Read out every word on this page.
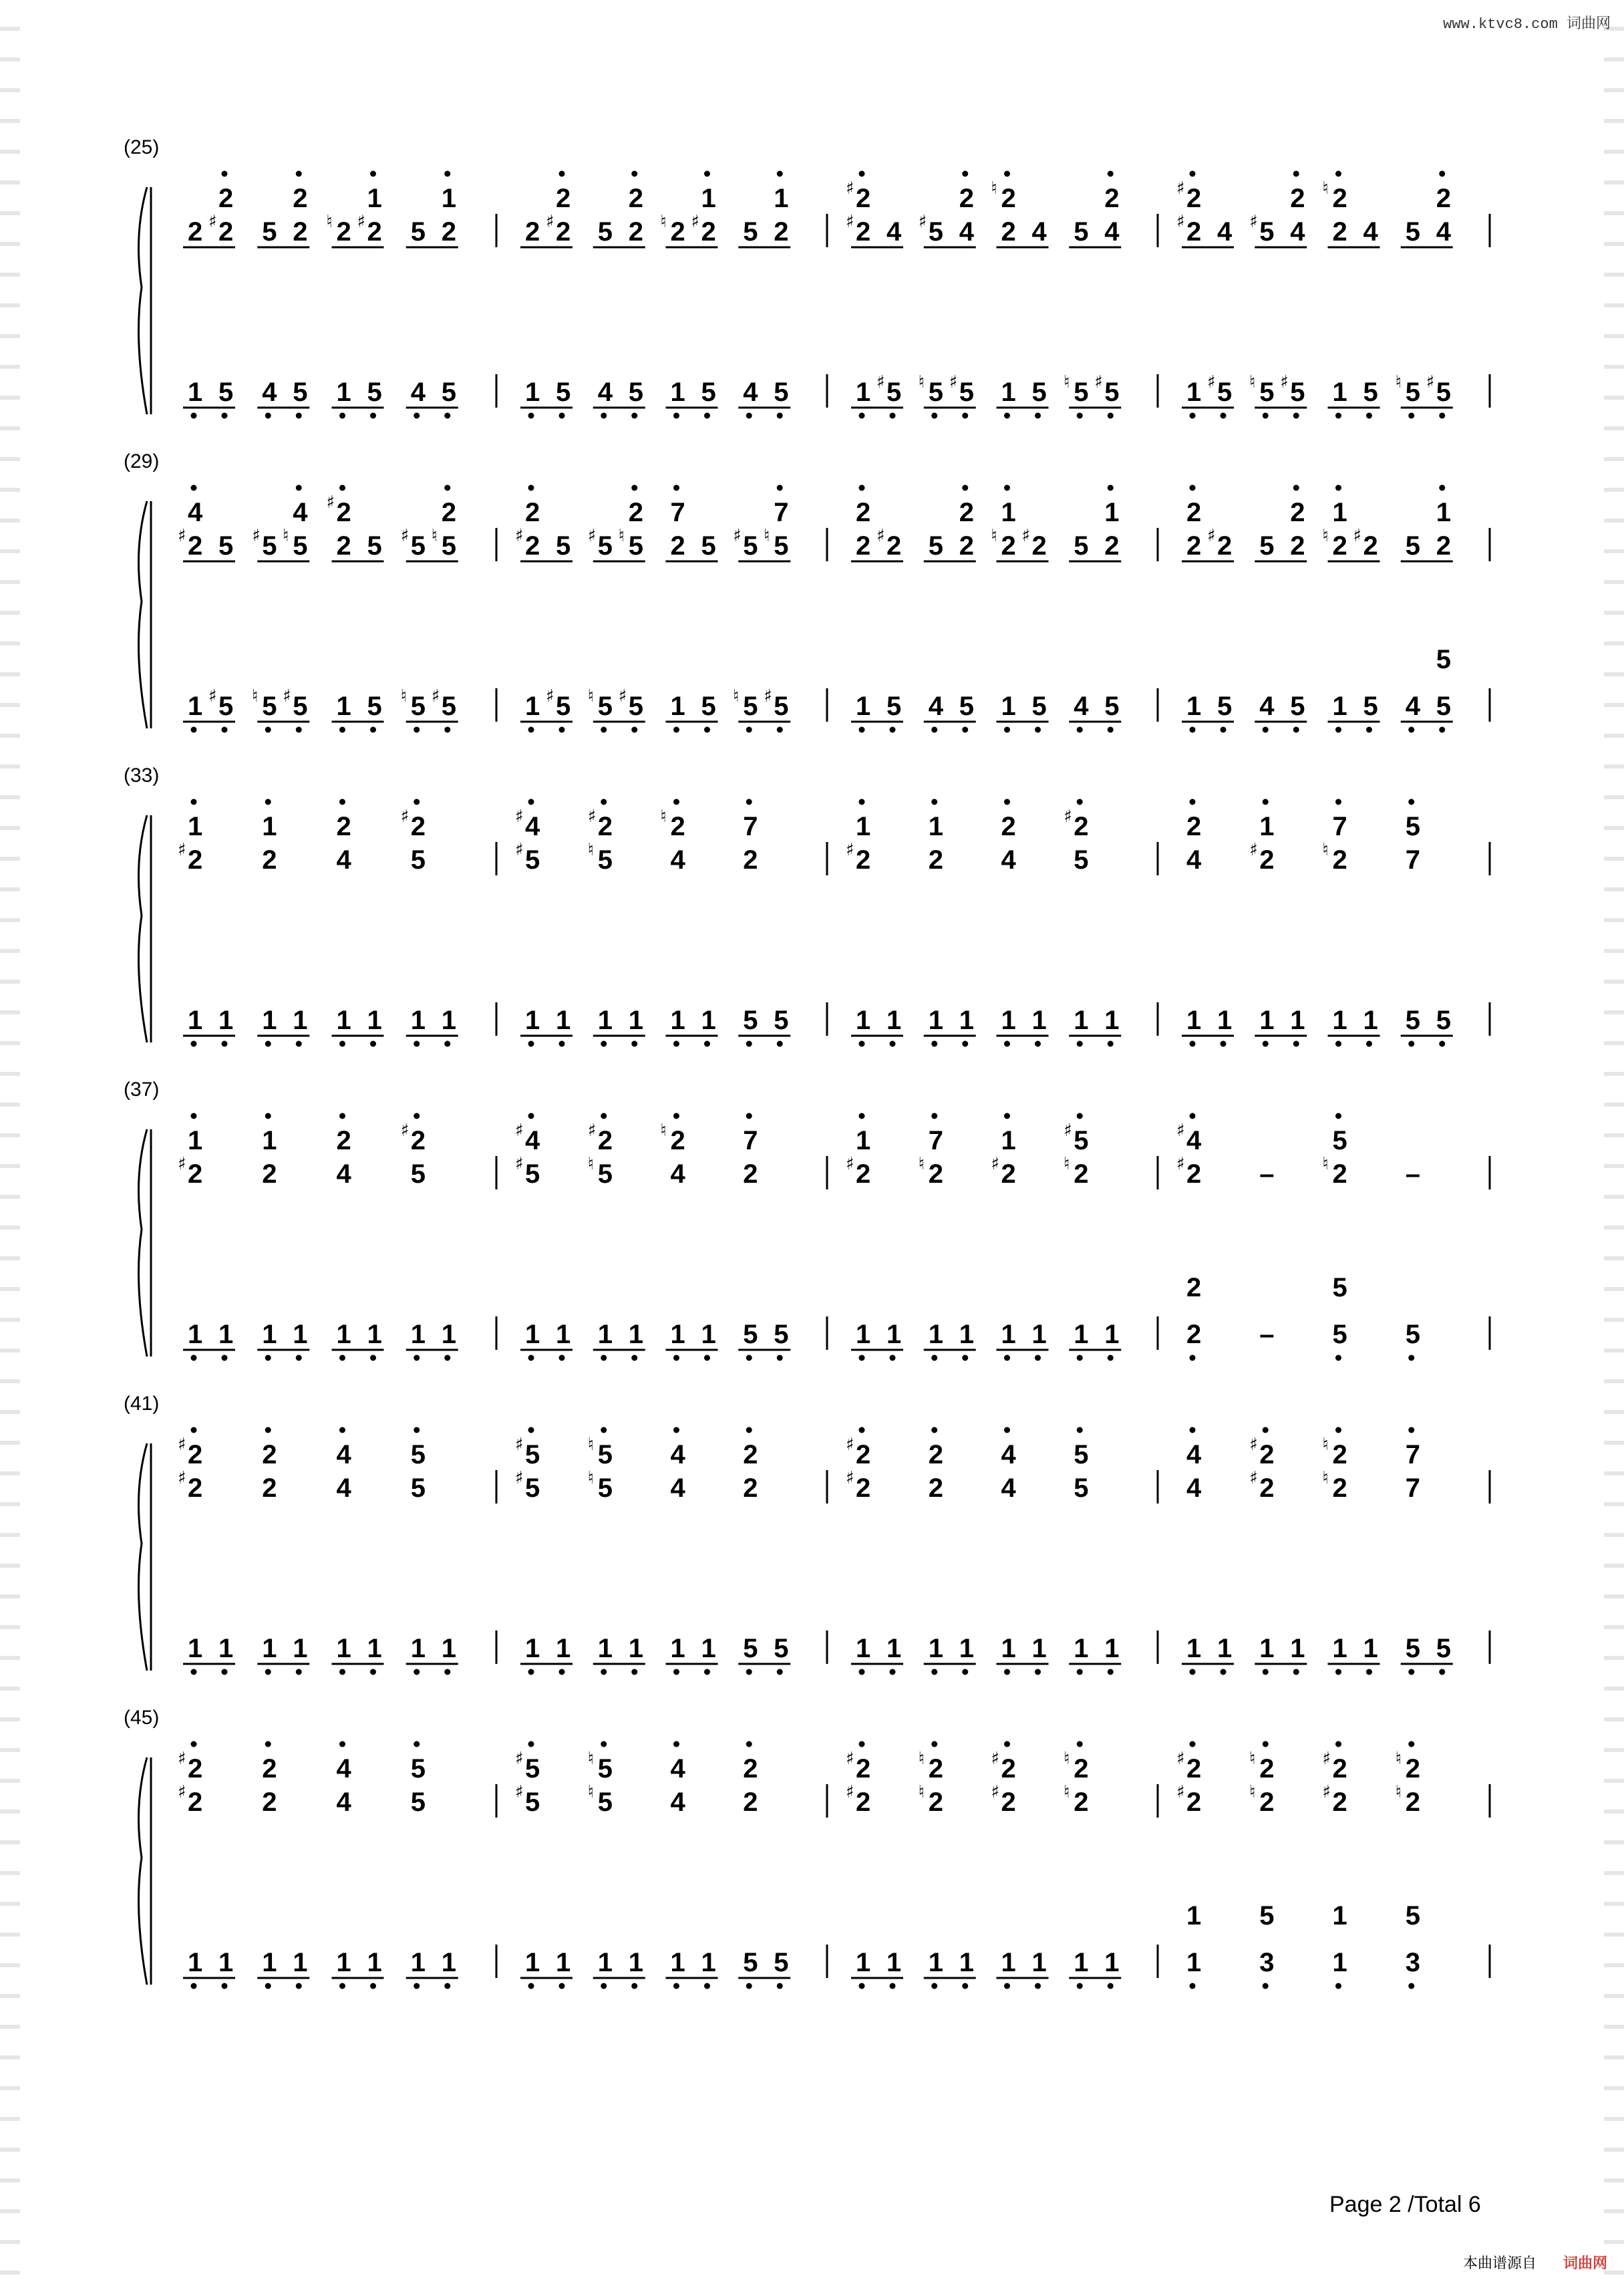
www.ktvc8.com 词曲网
(25)
2 ♯ 2
2
5 2
2
♮ 2 ♯ 2
1
5 2
1
1 5 4 5 1 5 4 5
2 ♯ 2
2
5 2
2
♮ 2 ♯ 2
1
5 2
1
1 5 4 5 1 5 4 5
♯ 2 4
♯ 2
♯ 5 4
2
2 4
♮ 2
5 4
2
1 ♯ 5 ♮ 5 ♯ 5 1 5 ♮ 5 ♯ 5
♯ 2 4
♯ 2
♯ 5 4
2
2 4
♮ 2
5 4
2
1 ♯ 5 ♮ 5 ♯ 5 1 5 ♮ 5 ♯ 5
(29)
♯ 2 5
4
♯ 5 ♮ 5
4
2 5
♯ 2
♯ 5 ♮ 5
2
1 ♯ 5 ♮ 5 ♯ 5 1 5 ♮ 5 ♯ 5
♯ 2 5
2
♯ 5 ♮ 5
2
2 5
7
♯ 5 ♮ 5
7
1 ♯ 5 ♮ 5 ♯ 5 1 5 ♮ 5 ♯ 5
2 ♯ 2
2
5 2
2
♮ 2 ♯ 2
1
5 2
1
1 5 4 5 1 5 4 5
2 ♯ 2
2
5 2
2
♮ 2 ♯ 2
1
5 2
1
1 5 4 5 1 5 4 5
5
(33)
♯ 2
1
2
1
4
2
5
♯ 2
1 1 1 1 1 1 1 1
♯ 5
♯ 4
♮ 5
♯ 2
4
♮ 2
2
7
1 1 1 1 1 1 5 5
♯ 2
1
2
1
4
2
5
♯ 2
1 1 1 1 1 1 1 1
4
2
♯ 2
1
♮ 2
7
7
5
1 1 1 1 1 1 5 5
(37)
♯ 2
1
2
1
4
2
5
♯ 2
1 1 1 1 1 1 1 1
♯ 5
♯ 4
♮ 5
♯ 2
4
♮ 2
2
7
1 1 1 1 1 1 5 5
♯ 2
1
♮ 2
7
♯ 2
1
♮ 2
♯ 5
1 1 1 1 1 1 1 1
♯ 2
♯ 4
–	♮ 2
5
–
2
2
– 5
5
5
(41)
♯ 2
♯ 2
2
2
4
4
5
5
1 1 1 1 1 1 1 1
♯ 5
♯ 5
♮ 5
♮ 5
4
4
2
2
1 1 1 1 1 1 5 5
♯ 2
♯ 2
2
2
4
4
5
5
1 1 1 1 1 1 1 1
4
4
♯ 2
♯ 2
♮ 2
♮ 2
7
7
1 1 1 1 1 1 5 5
(45)
♯ 2
♯ 2
2
2
4
4
5
5
1 1 1 1 1 1 1 1
♯ 5
♯ 5
♮ 5
♮ 5
4
4
2
2
1 1 1 1 1 1 5 5
♯ 2
♯ 2
♮ 2
♮ 2
♯ 2
♯ 2
♮ 2
♮ 2
1 1 1 1 1 1 1 1
♯ 2
♯ 2
♮ 2
♮ 2
♯ 2
♯ 2
♮ 2
♮ 2
1
1
3
5
1
1
3
5
Page 2 /Total 6
本曲谱源自 词曲网
